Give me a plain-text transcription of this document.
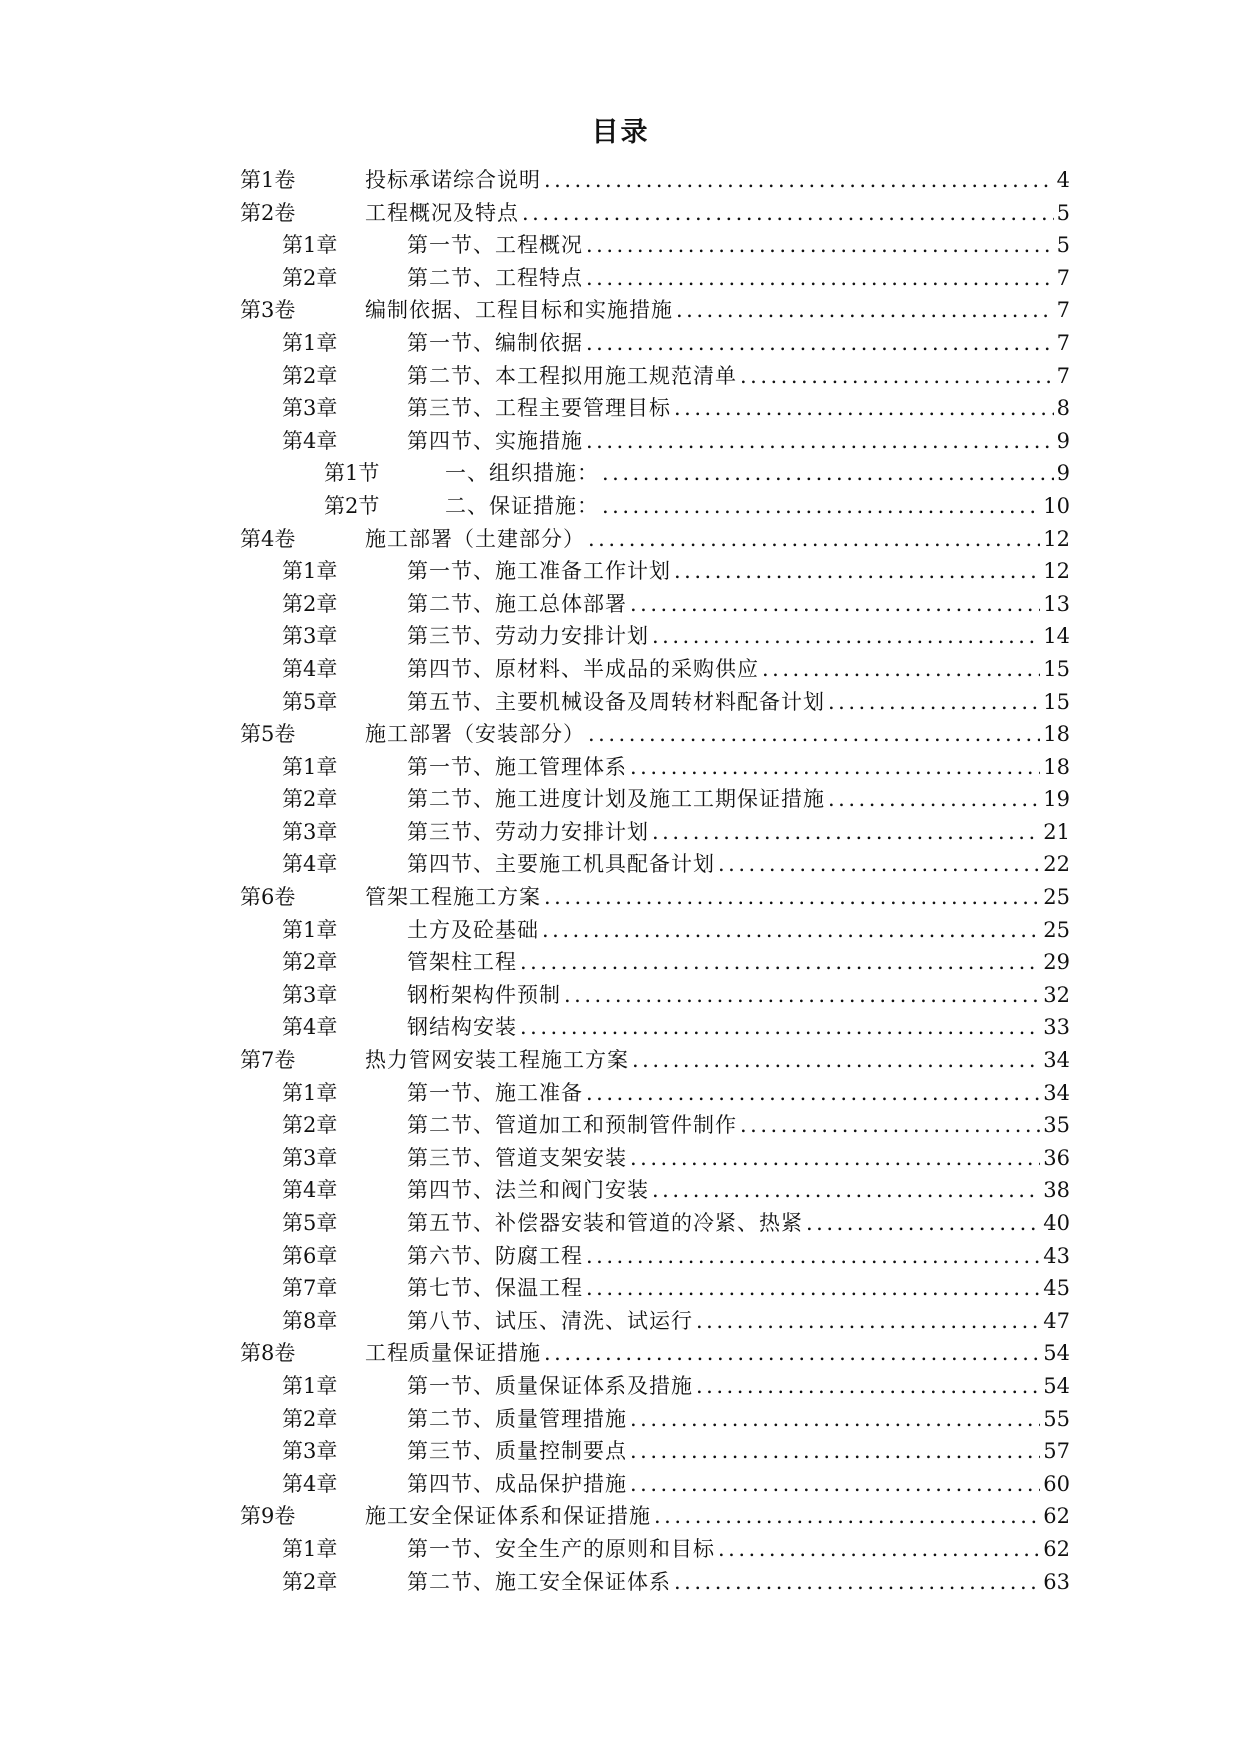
目录
第1卷	投标承诺综合说明 .....	4
第2卷	工程概况及特点 .....	5
第1章	第一节、工程概况 .....	5
第2章	第二节、工程特点 .....	7
第3卷	编制依据、工程目标和实施措施 .....	7
第1章	第一节、编制依据 .....	7
第2章	第二节、本工程拟用施工规范清单 .....	7
第3章	第三节、工程主要管理目标 .....	8
第4章	第四节、实施措施 .....	9
第1节	一、组织措施： .....	9
第2节	二、保证措施： .....	10
第4卷	施工部署（土建部分） .....	12
第1章	第一节、施工准备工作计划 .....	12
第2章	第二节、施工总体部署 .....	13
第3章	第三节、劳动力安排计划 .....	14
第4章	第四节、原材料、半成品的采购供应 .....	15
第5章	第五节、主要机械设备及周转材料配备计划 .....	15
第5卷	施工部署（安装部分） .....	18
第1章	第一节、施工管理体系 .....	18
第2章	第二节、施工进度计划及施工工期保证措施 .....	19
第3章	第三节、劳动力安排计划 .....	21
第4章	第四节、主要施工机具配备计划 .....	22
第6卷	管架工程施工方案 .....	25
第1章	土方及砼基础 .....	25
第2章	管架柱工程 .....	29
第3章	钢桁架构件预制 .....	32
第4章	钢结构安装 .....	33
第7卷	热力管网安装工程施工方案 .....	34
第1章	第一节、施工准备 .....	34
第2章	第二节、管道加工和预制管件制作 .....	35
第3章	第三节、管道支架安装 .....	36
第4章	第四节、法兰和阀门安装 .....	38
第5章	第五节、补偿器安装和管道的冷紧、热紧 .....	40
第6章	第六节、防腐工程 .....	43
第7章	第七节、保温工程 .....	45
第8章	第八节、试压、清洗、试运行 .....	47
第8卷	工程质量保证措施 .....	54
第1章	第一节、质量保证体系及措施 .....	54
第2章	第二节、质量管理措施 .....	55
第3章	第三节、质量控制要点 .....	57
第4章	第四节、成品保护措施 .....	60
第9卷	施工安全保证体系和保证措施 .....	62
第1章	第一节、安全生产的原则和目标 .....	62
第2章	第二节、施工安全保证体系 .....	63
